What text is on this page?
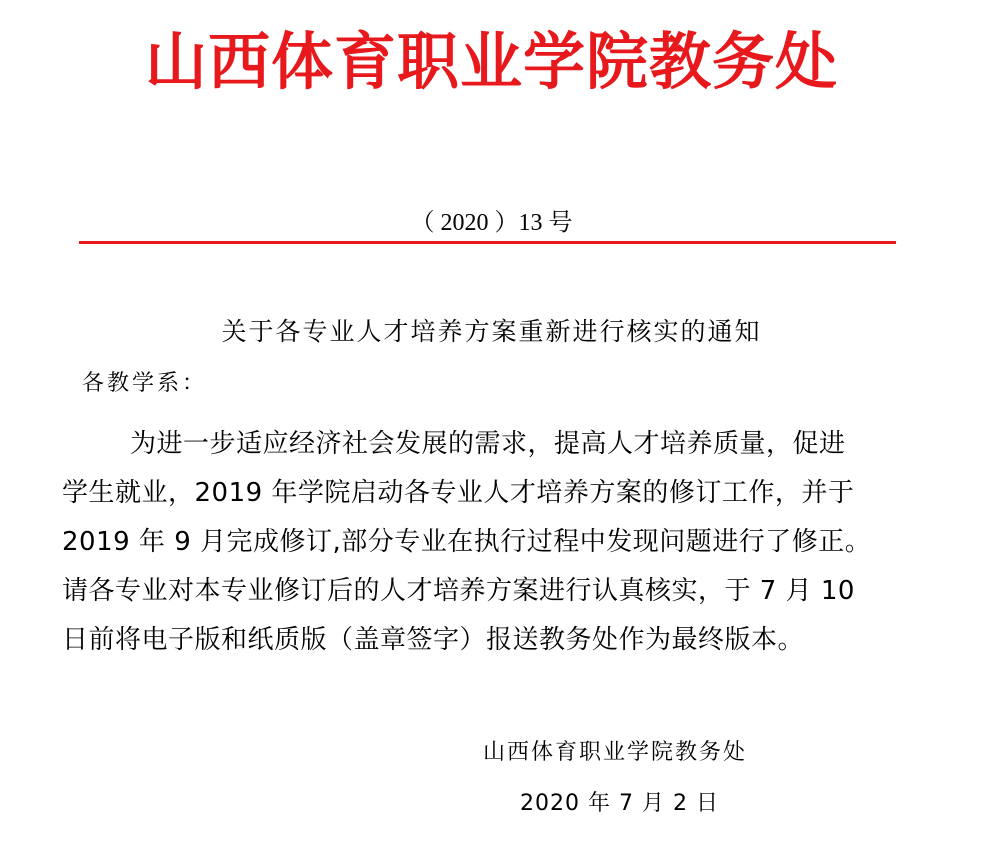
山西体育职业学院教务处
（ 2020 ）13 号
关于各专业人才培养方案重新进行核实的通知
各教学系：
为进一步适应经济社会发展的需求，提高人才培养质量，促进
学生就业，2019 年学院启动各专业人才培养方案的修订工作，并于
2019 年 9 月完成修订,部分专业在执行过程中发现问题进行了修正。
请各专业对本专业修订后的人才培养方案进行认真核实，于 7 月 10
日前将电子版和纸质版（盖章签字）报送教务处作为最终版本。
山西体育职业学院教务处
2020 年 7 月 2 日
